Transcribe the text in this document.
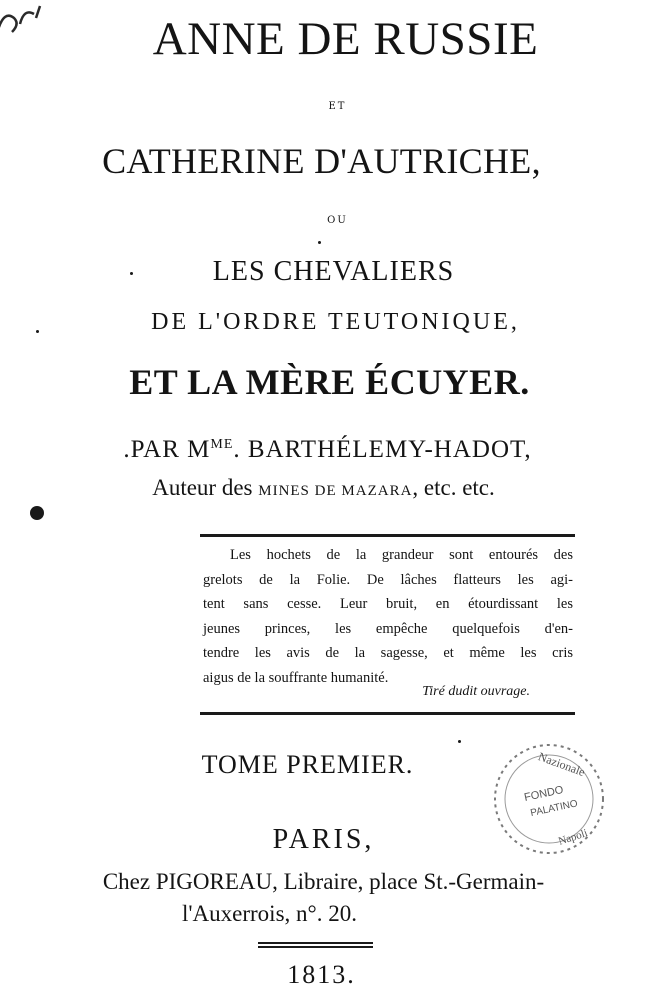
ANNE DE RUSSIE
ET
CATHERINE D'AUTRICHE,
OU
LES CHEVALIERS
DE L'ORDRE TEUTONIQUE,
ET LA MÈRE ÉCUYER.
.PAR $M^{ME}$. BARTHÉLEMY-HADOT,
Auteur des MINES DE MAZARA, etc. etc.
Les hochets de la grandeur sont entourés des
grelots de la Folie. De lâches flatteurs les agi-
tent sans cesse. Leur bruit, en étourdissant les
jeunes princes, les empêche quelquefois d'en-
tendre les avis de la sagesse, et même les cris
aigus de la souffrante humanité.
Tiré dudit ouvrage.
TOME PREMIER.	Nazionale
FONDO
PALATINO
Napoli
PARIS,
Chez PIGOREAU, Libraire, place St.-Germain-
l'Auxerrois, n°. 20.
1813.
